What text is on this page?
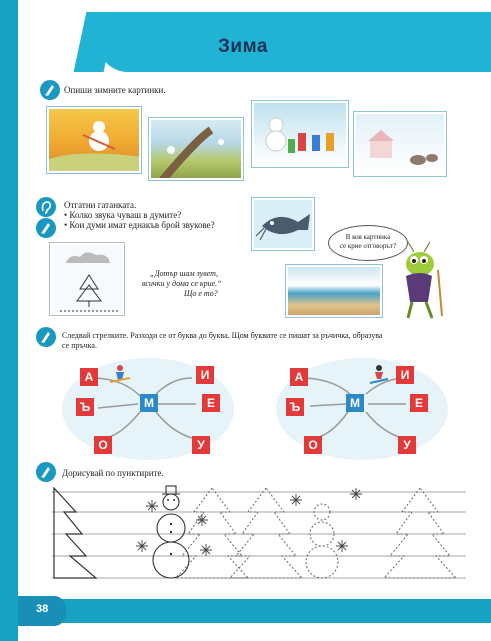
Зима
Опиши зимните картинки.
Отгатни гатанката.
• Колко звука чуваш в думите?
• Кои думи имат еднакъв брой звукове?
В коя картинка
се крие отговорът?
„Дотър шам зувет,
всички у дома се крие.“
Що е то?
Следвай стрелките. Разходи се от буква до буква. Щом буквите се пишат за ръчичка, образува
се пръчка.
А	И
Ъ	М	Е
О	У
А	И
Ъ	М	Е
О	У
Дорисувай по пунктирите.
38
